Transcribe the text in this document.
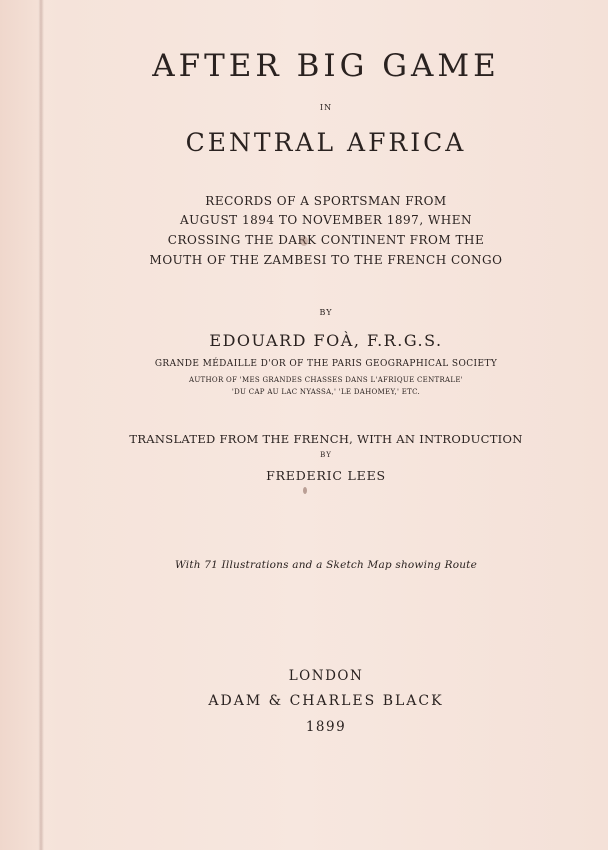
AFTER BIG GAME
IN
CENTRAL AFRICA
RECORDS OF A SPORTSMAN FROM
AUGUST 1894 TO NOVEMBER 1897, WHEN
CROSSING THE DARK CONTINENT FROM THE
MOUTH OF THE ZAMBESI TO THE FRENCH CONGO
BY
EDOUARD FOÀ, F.R.G.S.
GRANDE MÉDAILLE D'OR OF THE PARIS GEOGRAPHICAL SOCIETY
AUTHOR OF 'MES GRANDES CHASSES DANS L'AFRIQUE CENTRALE'
'DU CAP AU LAC NYASSA,' 'LE DAHOMEY,' ETC.
TRANSLATED FROM THE FRENCH, WITH AN INTRODUCTION
BY
FREDERIC LEES
With 71 Illustrations and a Sketch Map showing Route
LONDON
ADAM & CHARLES BLACK
1899
